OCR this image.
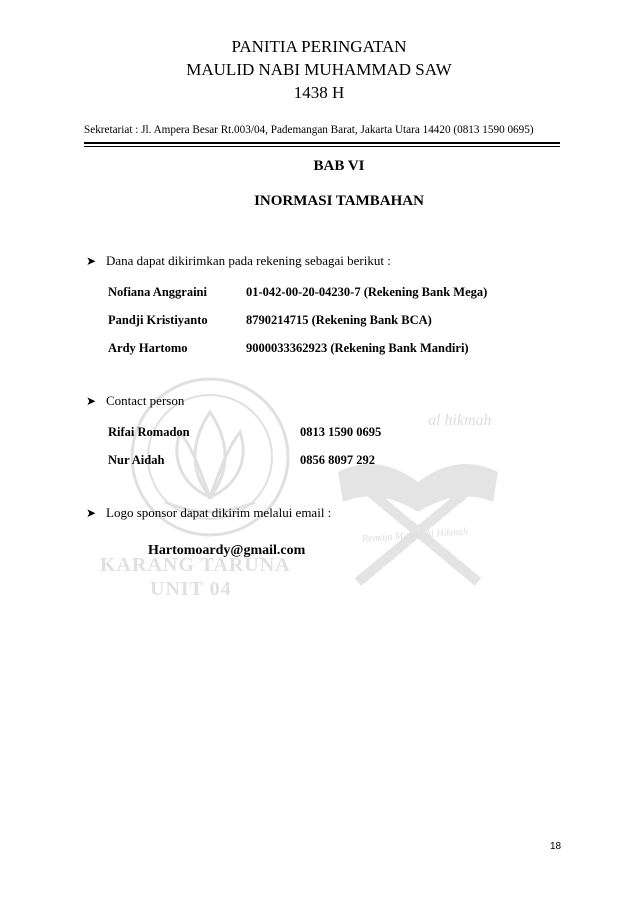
KARANG TARUNA
UNIT 04
al hikmah
Remaja Masjid Al Hikmah
PANITIA PERINGATAN
MAULID NABI MUHAMMAD SAW
1438 H
Sekretariat : Jl. Ampera Besar Rt.003/04, Pademangan Barat, Jakarta Utara 14420 (0813 1590 0695)
BAB VI
INORMASI TAMBAHAN
➤ Dana dapat dikirimkan pada rekening sebagai berikut :
Nofiana Anggraini	01-042-00-20-04230-7 (Rekening Bank Mega)
Pandji Kristiyanto	8790214715 (Rekening Bank BCA)
Ardy Hartomo	9000033362923 (Rekening Bank Mandiri)
➤ Contact person
Rifai Romadon	0813 1590 0695
Nur Aidah	0856 8097 292
➤ Logo sponsor dapat dikirim melalui email :
Hartomoardy@gmail.com
18
